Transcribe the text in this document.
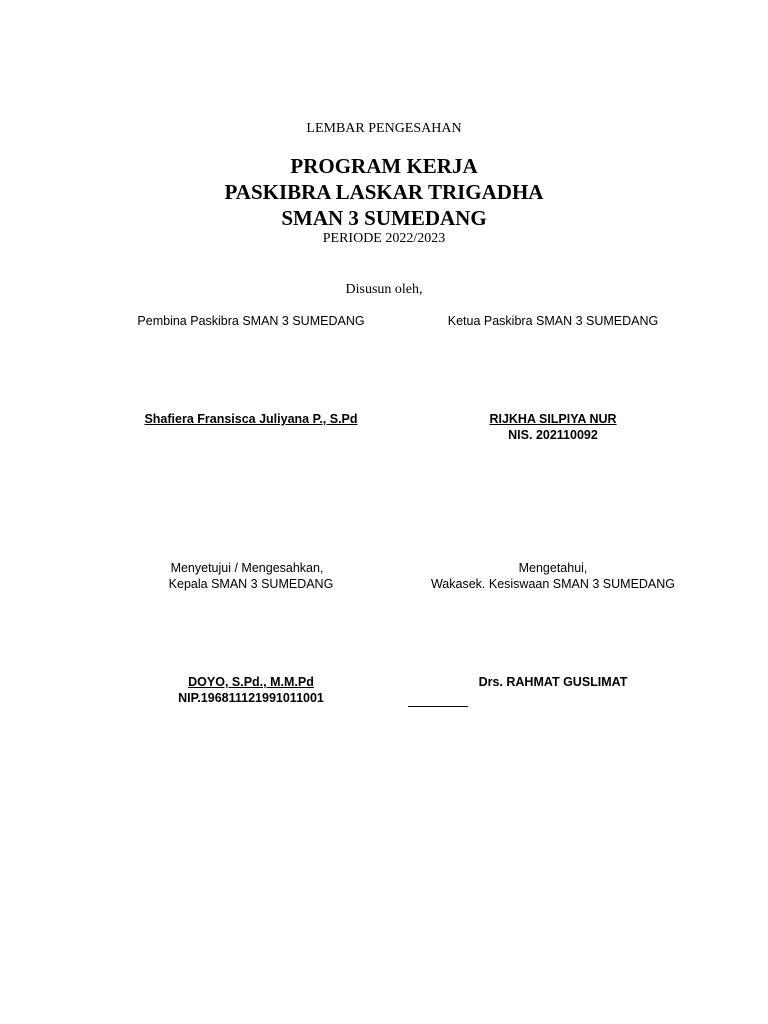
LEMBAR PENGESAHAN
PROGRAM KERJA
PASKIBRA LASKAR TRIGADHA
SMAN 3 SUMEDANG
PERIODE 2022/2023
Disusun oleh,
Pembina Paskibra SMAN 3 SUMEDANG	Ketua Paskibra SMAN 3 SUMEDANG
Shafiera Fransisca Juliyana P., S.Pd	RIJKHA SILPIYA NUR
NIS. 202110092
Menyetujui / Mengesahkan,
Kepala SMAN 3 SUMEDANG
Mengetahui,
Wakasek. Kesiswaan SMAN 3 SUMEDANG
DOYO, S.Pd., M.M.Pd
NIP.196811121991011001
Drs. RAHMAT GUSLIMAT
